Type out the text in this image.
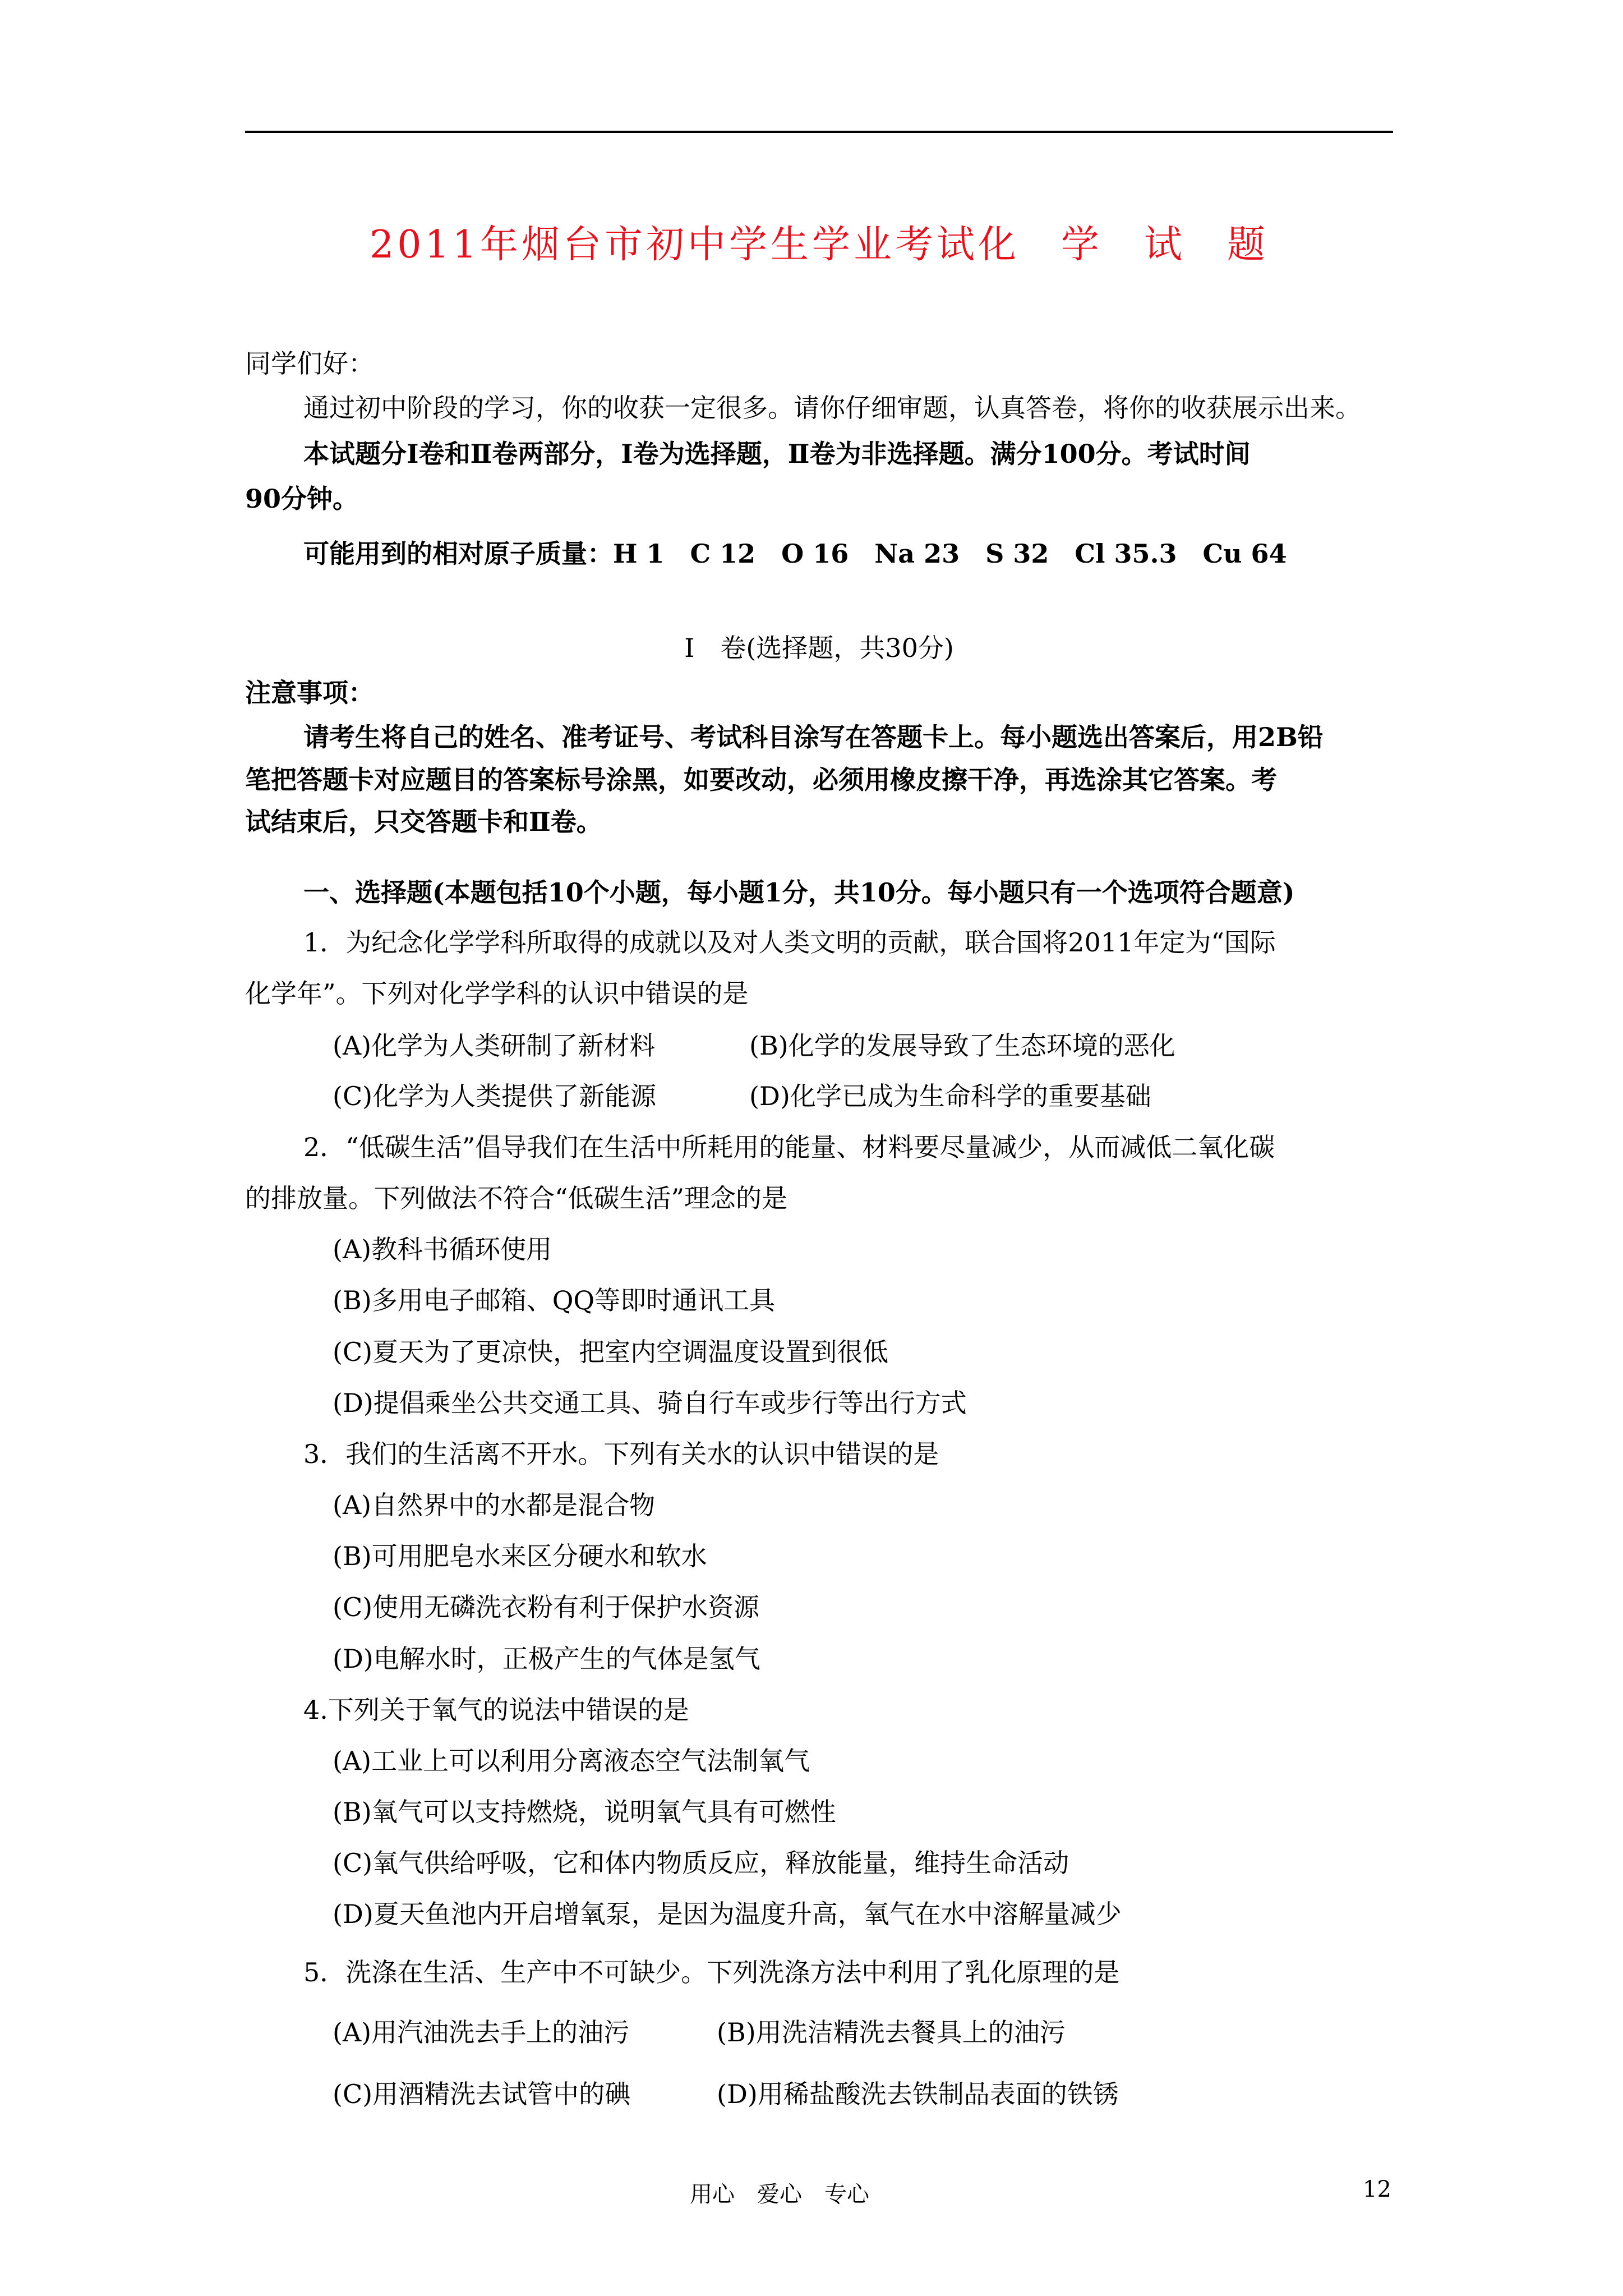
2011年烟台市初中学生学业考试化　学　试　题
同学们好：
通过初中阶段的学习，你的收获一定很多。请你仔细审题，认真答卷，将你的收获展示出来。
本试题分Ⅰ卷和Ⅱ卷两部分，Ⅰ卷为选择题，Ⅱ卷为非选择题。满分100分。考试时间
90分钟。
可能用到的相对原子质量：H 1　C 12　O 16　Na 23　S 32　Cl 35.3　Cu 64
Ⅰ　卷(选择题，共30分)
注意事项：
请考生将自己的姓名、准考证号、考试科目涂写在答题卡上。每小题选出答案后，用2B铅
笔把答题卡对应题目的答案标号涂黑，如要改动，必须用橡皮擦干净，再选涂其它答案。考
试结束后，只交答题卡和Ⅱ卷。
一、选择题(本题包括10个小题，每小题1分，共10分。每小题只有一个选项符合题意)
1．为纪念化学学科所取得的成就以及对人类文明的贡献，联合国将2011年定为“国际
化学年”。下列对化学学科的认识中错误的是
(A)化学为人类研制了新材料	(B)化学的发展导致了生态环境的恶化
(C)化学为人类提供了新能源	(D)化学已成为生命科学的重要基础
2．“低碳生活”倡导我们在生活中所耗用的能量、材料要尽量减少，从而减低二氧化碳
的排放量。下列做法不符合“低碳生活”理念的是
(A)教科书循环使用
(B)多用电子邮箱、QQ等即时通讯工具
(C)夏天为了更凉快，把室内空调温度设置到很低
(D)提倡乘坐公共交通工具、骑自行车或步行等出行方式
3．我们的生活离不开水。下列有关水的认识中错误的是
(A)自然界中的水都是混合物
(B)可用肥皂水来区分硬水和软水
(C)使用无磷洗衣粉有利于保护水资源
(D)电解水时，正极产生的气体是氢气
4.下列关于氧气的说法中错误的是
(A)工业上可以利用分离液态空气法制氧气
(B)氧气可以支持燃烧，说明氧气具有可燃性
(C)氧气供给呼吸，它和体内物质反应，释放能量，维持生命活动
(D)夏天鱼池内开启增氧泵，是因为温度升高，氧气在水中溶解量减少
5．洗涤在生活、生产中不可缺少。下列洗涤方法中利用了乳化原理的是
(A)用汽油洗去手上的油污	(B)用洗洁精洗去餐具上的油污
(C)用酒精洗去试管中的碘	(D)用稀盐酸洗去铁制品表面的铁锈
用心　爱心　专心	12
